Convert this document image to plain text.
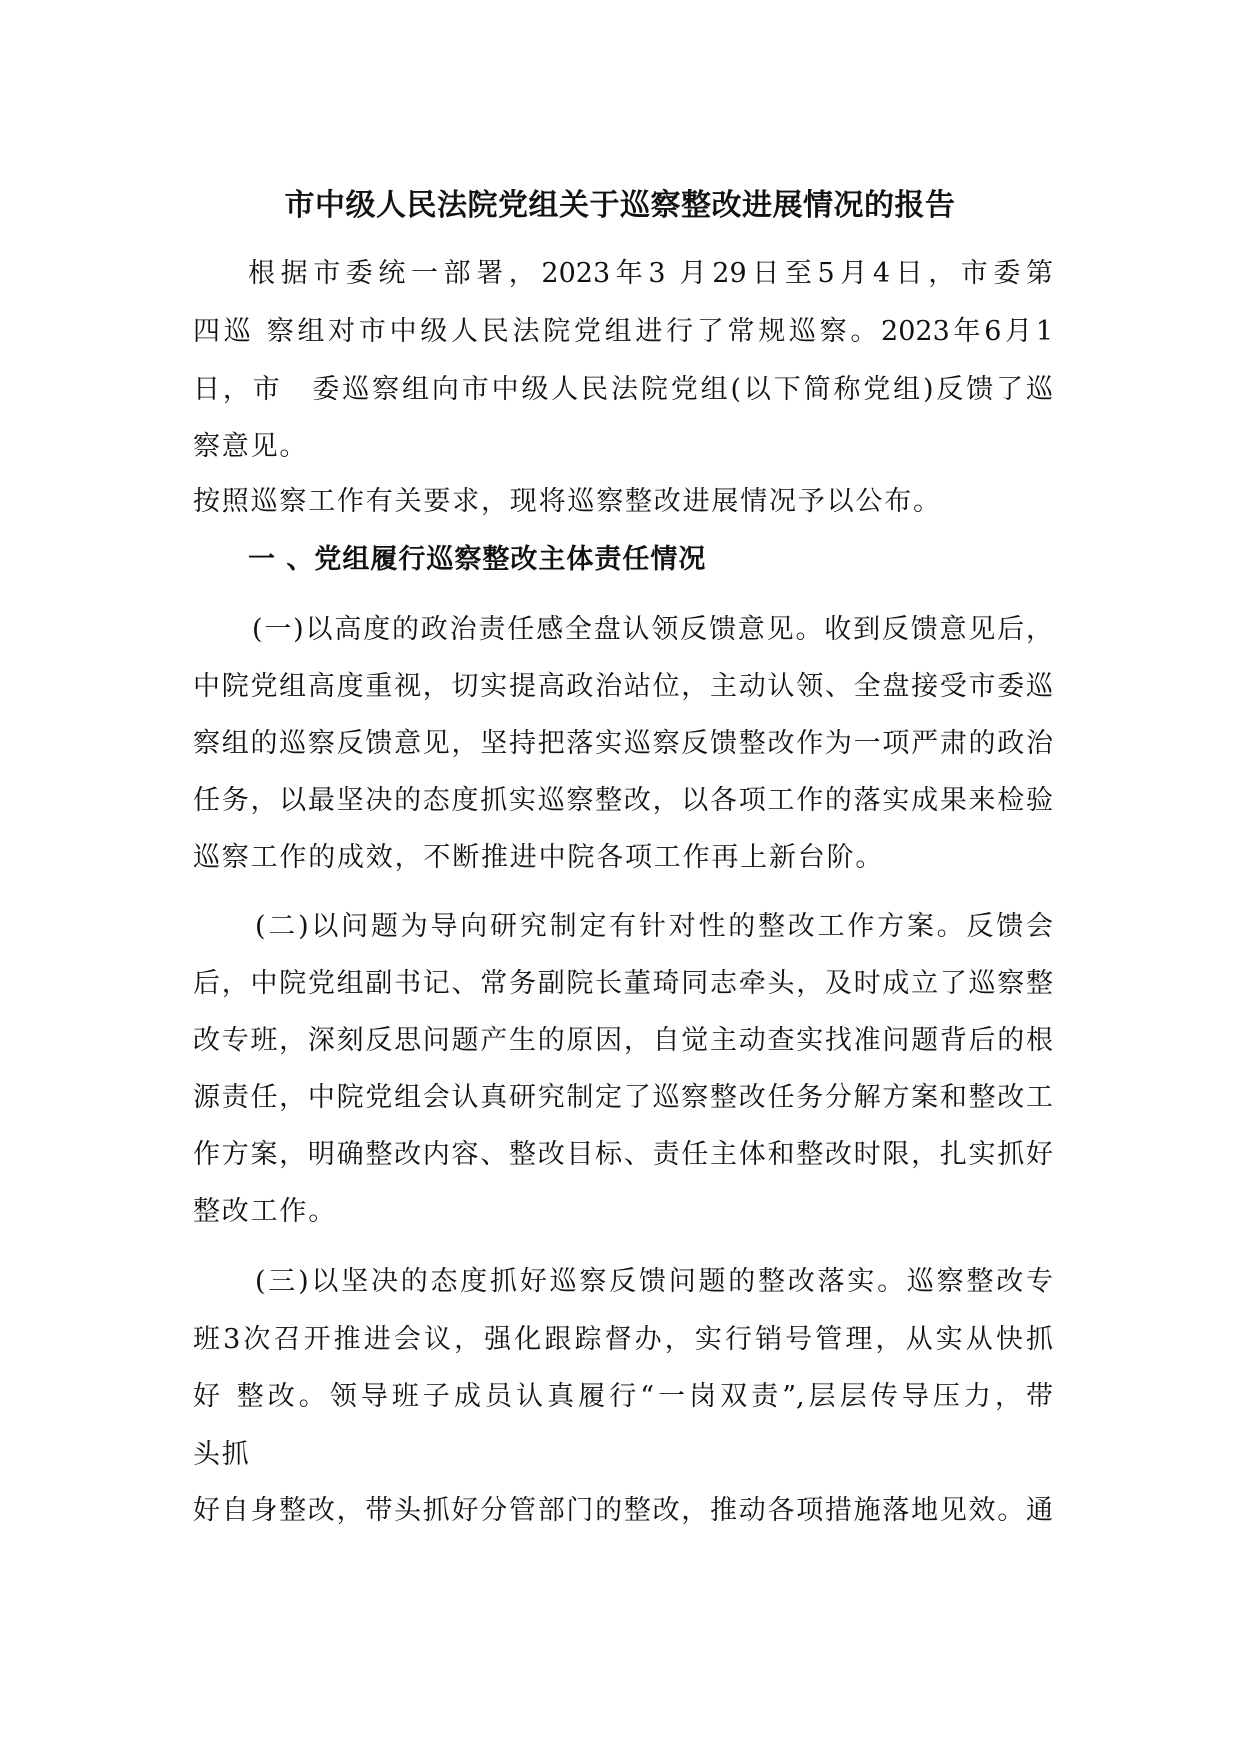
市中级人民法院党组关于巡察整改进展情况的报告
根据市委统一部署，2023年3 月29日至5月4日，市委第
四巡 察组对市中级人民法院党组进行了常规巡察。2023年6月1
日，市　委巡察组向市中级人民法院党组(以下简称党组)反馈了巡
察意见。
按照巡察工作有关要求，现将巡察整改进展情况予以公布。
一 、党组履行巡察整改主体责任情况
(一)以高度的政治责任感全盘认领反馈意见。收到反馈意见后，
中院党组高度重视，切实提高政治站位，主动认领、全盘接受市委巡
察组的巡察反馈意见，坚持把落实巡察反馈整改作为一项严肃的政治
任务，以最坚决的态度抓实巡察整改，以各项工作的落实成果来检验
巡察工作的成效，不断推进中院各项工作再上新台阶。
(二)以问题为导向研究制定有针对性的整改工作方案。反馈会
后，中院党组副书记、常务副院长董琦同志牵头，及时成立了巡察整
改专班，深刻反思问题产生的原因，自觉主动查实找准问题背后的根
源责任，中院党组会认真研究制定了巡察整改任务分解方案和整改工
作方案，明确整改内容、整改目标、责任主体和整改时限，扎实抓好
整改工作。
(三)以坚决的态度抓好巡察反馈问题的整改落实。巡察整改专
班3次召开推进会议，强化跟踪督办，实行销号管理，从实从快抓
好 整改。领导班子成员认真履行“一岗双责”,层层传导压力，带
头抓
好自身整改，带头抓好分管部门的整改，推动各项措施落地见效。通
